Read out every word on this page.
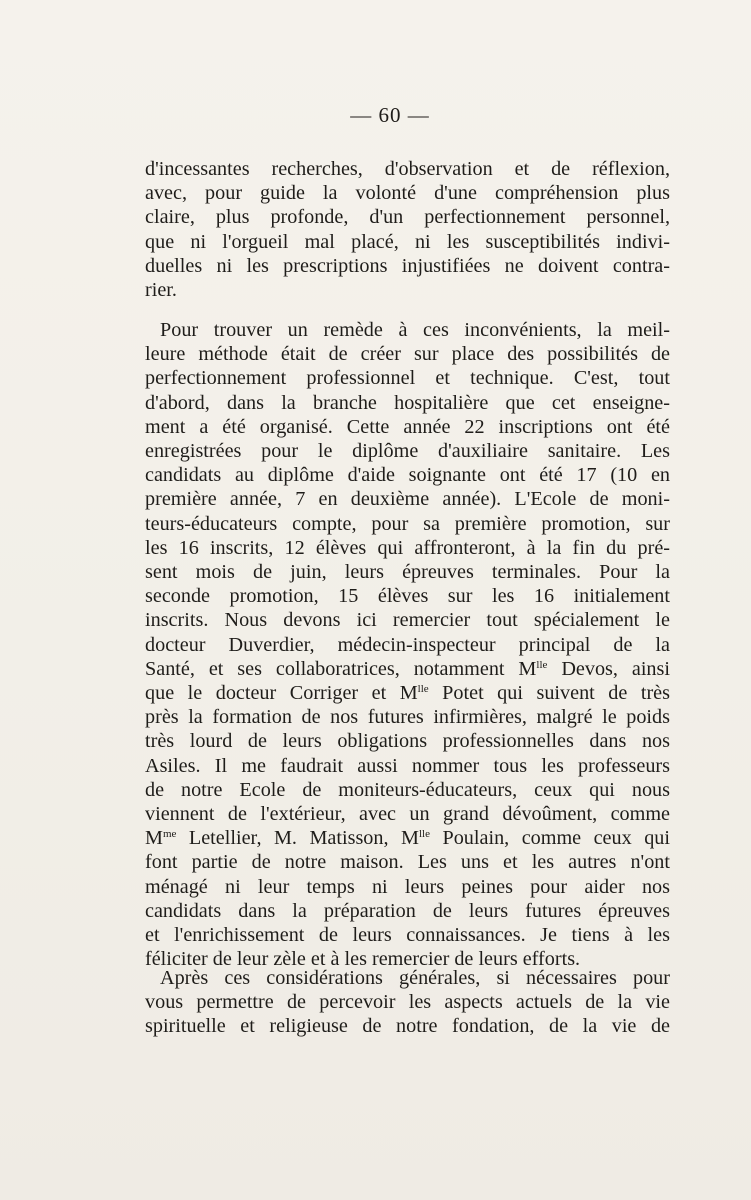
— 60 —
d'incessantes recherches, d'observation et de réflexion,
avec, pour guide la volonté d'une compréhension plus
claire, plus profonde, d'un perfectionnement personnel,
que ni l'orgueil mal placé, ni les susceptibilités indivi-
duelles ni les prescriptions injustifiées ne doivent contra-
rier.
Pour trouver un remède à ces inconvénients, la meil-
leure méthode était de créer sur place des possibilités de
perfectionnement professionnel et technique. C'est, tout
d'abord, dans la branche hospitalière que cet enseigne-
ment a été organisé. Cette année 22 inscriptions ont été
enregistrées pour le diplôme d'auxiliaire sanitaire. Les
candidats au diplôme d'aide soignante ont été 17 (10 en
première année, 7 en deuxième année). L'Ecole de moni-
teurs-éducateurs compte, pour sa première promotion, sur
les 16 inscrits, 12 élèves qui affronteront, à la fin du pré-
sent mois de juin, leurs épreuves terminales. Pour la
seconde promotion, 15 élèves sur les 16 initialement
inscrits. Nous devons ici remercier tout spécialement le
docteur Duverdier, médecin-inspecteur principal de la
Santé, et ses collaboratrices, notamment $M^{lle}$ Devos, ainsi
que le docteur Corriger et $M^{lle}$ Potet qui suivent de très
près la formation de nos futures infirmières, malgré le poids
très lourd de leurs obligations professionnelles dans nos
Asiles. Il me faudrait aussi nommer tous les professeurs
de notre Ecole de moniteurs-éducateurs, ceux qui nous
viennent de l'extérieur, avec un grand dévoûment, comme
$M^{me}$ Letellier, M. Matisson, $M^{lle}$ Poulain, comme ceux qui
font partie de notre maison. Les uns et les autres n'ont
ménagé ni leur temps ni leurs peines pour aider nos
candidats dans la préparation de leurs futures épreuves
et l'enrichissement de leurs connaissances. Je tiens à les
féliciter de leur zèle et à les remercier de leurs efforts.
Après ces considérations générales, si nécessaires pour
vous permettre de percevoir les aspects actuels de la vie
spirituelle et religieuse de notre fondation, de la vie de
